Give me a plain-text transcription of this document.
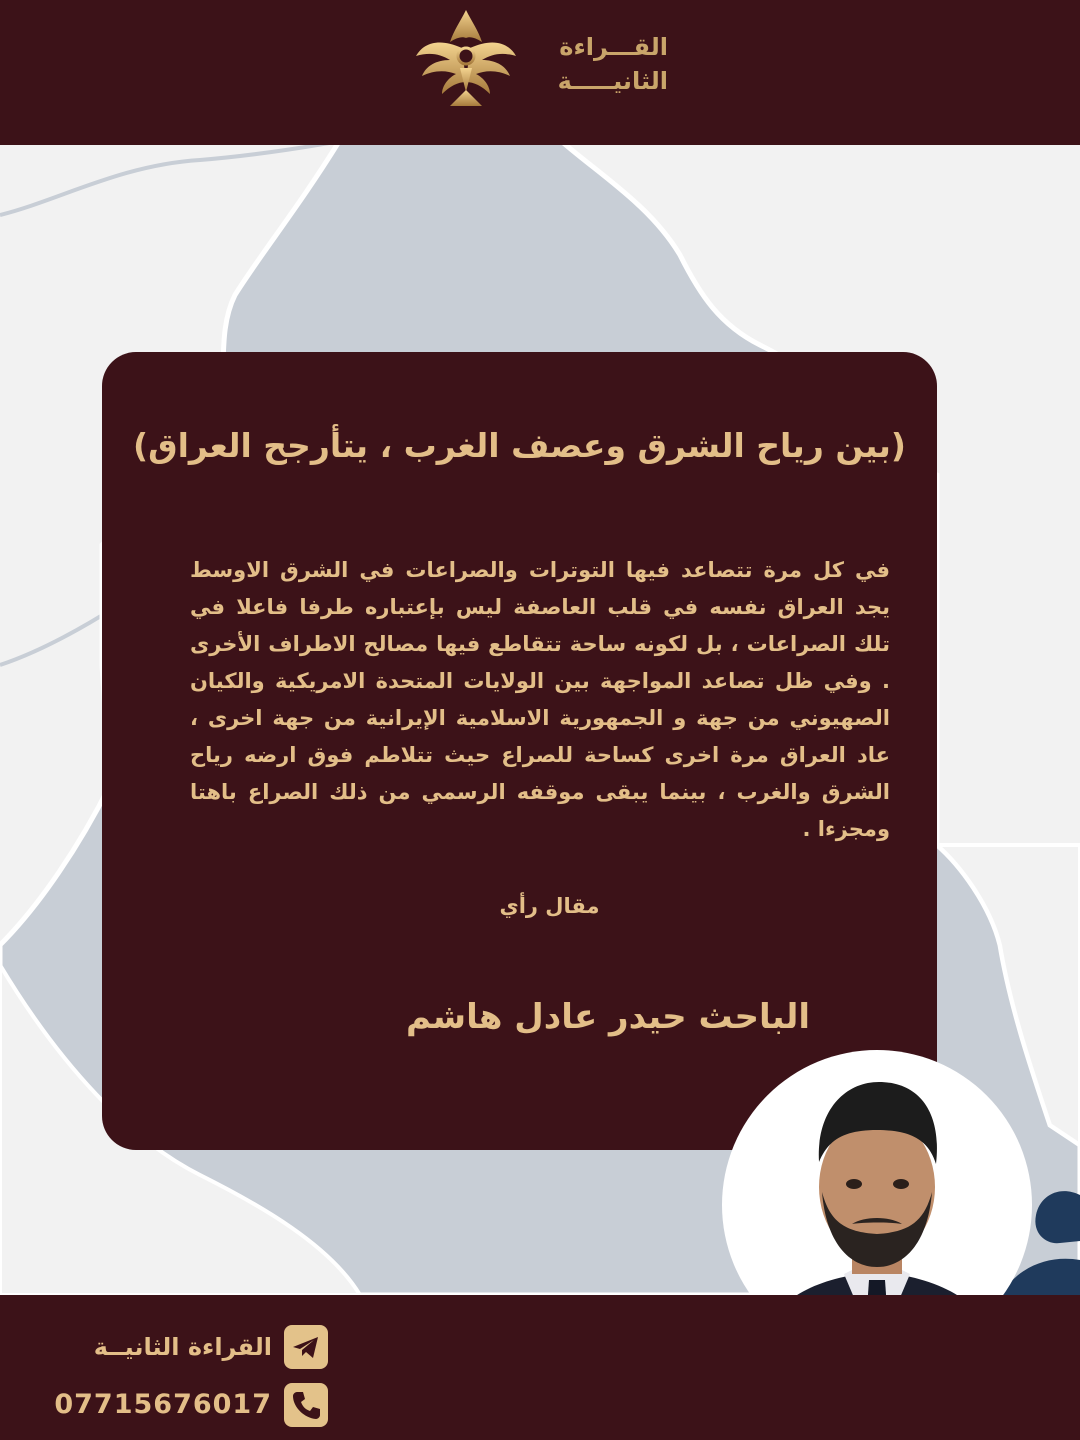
القـــراءة
الثانيـــــة
(بين رياح الشرق وعصف الغرب ، يتأرجح العراق)
في كل مرة تتصاعد فيها التوترات والصراعات في الشرق الاوسط يجد العراق نفسه في قلب العاصفة ليس بإعتباره طرفا فاعلا في تلك الصراعات ، بل لكونه ساحة تتقاطع فيها مصالح الاطراف الأخرى . وفي ظل تصاعد المواجهة بين الولايات المتحدة الامريكية والكيان الصهيوني من جهة و الجمهورية الاسلامية الإيرانية من جهة اخرى ، عاد العراق مرة اخرى كساحة للصراع حيث تتلاطم فوق ارضه رياح الشرق والغرب ، بينما يبقى موقفه الرسمي من ذلك الصراع باهتا ومجزءا .
مقال رأي
الباحث حيدر عادل هاشم
القراءة الثانيــة
07715676017
